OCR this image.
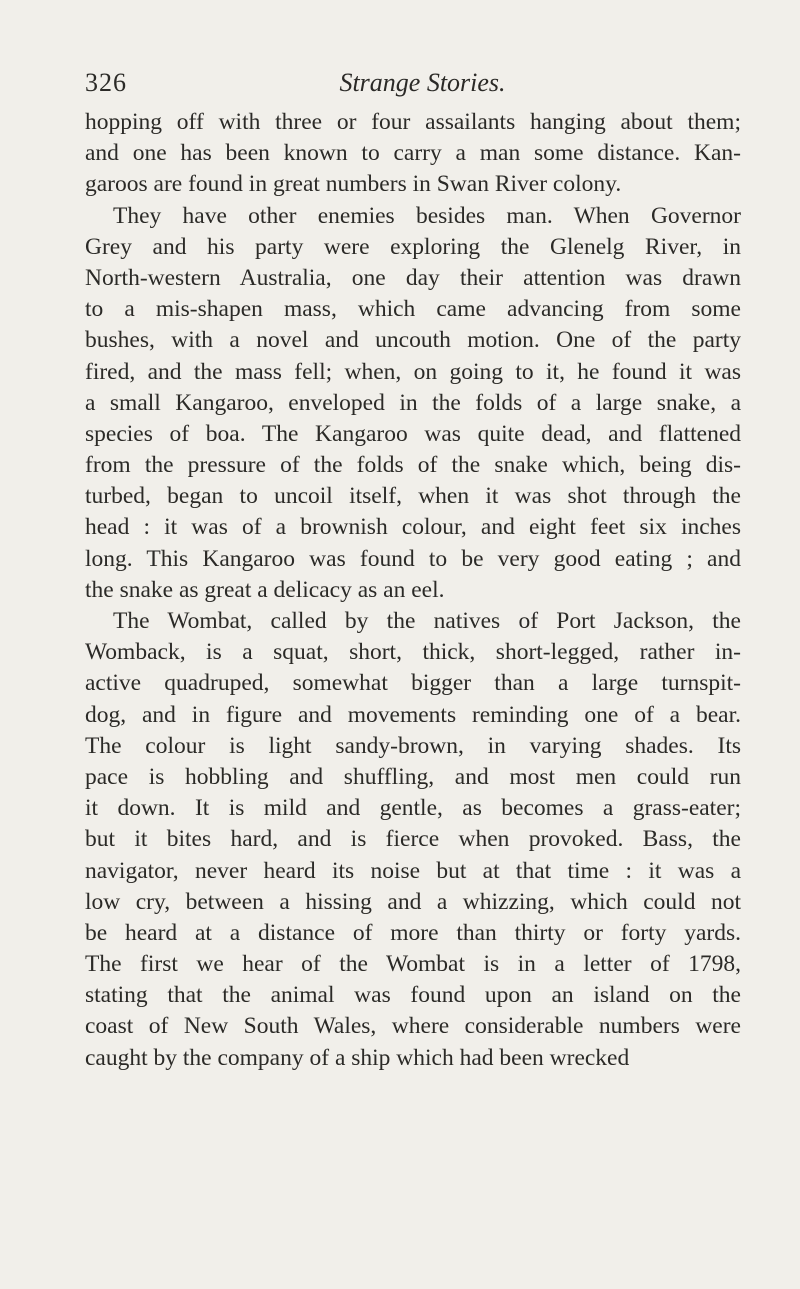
326	Strange Stories.
hopping off with three or four assailants hanging about them;
and one has been known to carry a man some distance. Kan-
garoos are found in great numbers in Swan River colony.
They have other enemies besides man. When Governor
Grey and his party were exploring the Glenelg River, in
North-western Australia, one day their attention was drawn
to a mis-shapen mass, which came advancing from some
bushes, with a novel and uncouth motion. One of the party
fired, and the mass fell; when, on going to it, he found it was
a small Kangaroo, enveloped in the folds of a large snake, a
species of boa. The Kangaroo was quite dead, and flattened
from the pressure of the folds of the snake which, being dis-
turbed, began to uncoil itself, when it was shot through the
head : it was of a brownish colour, and eight feet six inches
long. This Kangaroo was found to be very good eating ; and
the snake as great a delicacy as an eel.
The Wombat, called by the natives of Port Jackson, the
Womback, is a squat, short, thick, short-legged, rather in-
active quadruped, somewhat bigger than a large turnspit-
dog, and in figure and movements reminding one of a bear.
The colour is light sandy-brown, in varying shades. Its
pace is hobbling and shuffling, and most men could run
it down. It is mild and gentle, as becomes a grass-eater;
but it bites hard, and is fierce when provoked. Bass, the
navigator, never heard its noise but at that time : it was a
low cry, between a hissing and a whizzing, which could not
be heard at a distance of more than thirty or forty yards.
The first we hear of the Wombat is in a letter of 1798,
stating that the animal was found upon an island on the
coast of New South Wales, where considerable numbers were
caught by the company of a ship which had been wrecked
